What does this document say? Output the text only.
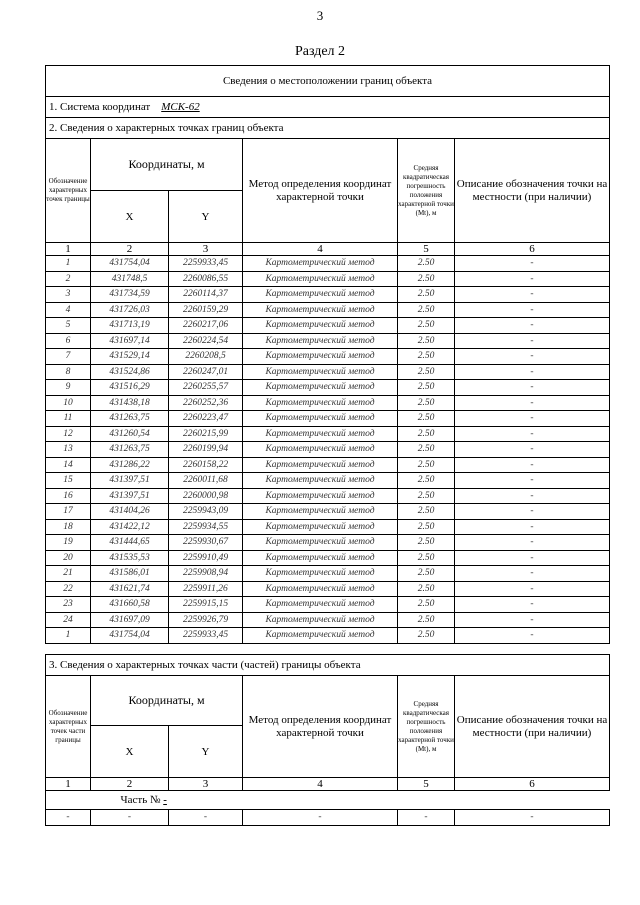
3
Раздел 2
Сведения о местоположении границ объекта					
1. Система координат МСК-62					
2. Сведения о характерных точках границ объекта					
Обозначение характерных точек границы	Координаты, м		Метод определения координат характерной точки	Средняя квадратическая погрешность положения характерной точки (Mt), м	Описание обозначения точки на местности (при наличии)
	X	Y			
1	2	3	4	5	6
1	431754,04	2259933,45	Картометрический метод	2.50	-
2	431748,5	2260086,55	Картометрический метод	2.50	-
3	431734,59	2260114,37	Картометрический метод	2.50	-
4	431726,03	2260159,29	Картометрический метод	2.50	-
5	431713,19	2260217,06	Картометрический метод	2.50	-
6	431697,14	2260224,54	Картометрический метод	2.50	-
7	431529,14	2260208,5	Картометрический метод	2.50	-
8	431524,86	2260247,01	Картометрический метод	2.50	-
9	431516,29	2260255,57	Картометрический метод	2.50	-
10	431438,18	2260252,36	Картометрический метод	2.50	-
11	431263,75	2260223,47	Картометрический метод	2.50	-
12	431260,54	2260215,99	Картометрический метод	2.50	-
13	431263,75	2260199,94	Картометрический метод	2.50	-
14	431286,22	2260158,22	Картометрический метод	2.50	-
15	431397,51	2260011,68	Картометрический метод	2.50	-
16	431397,51	2260000,98	Картометрический метод	2.50	-
17	431404,26	2259943,09	Картометрический метод	2.50	-
18	431422,12	2259934,55	Картометрический метод	2.50	-
19	431444,65	2259930,67	Картометрический метод	2.50	-
20	431535,53	2259910,49	Картометрический метод	2.50	-
21	431586,01	2259908,94	Картометрический метод	2.50	-
22	431621,74	2259911,26	Картометрический метод	2.50	-
23	431660,58	2259915,15	Картометрический метод	2.50	-
24	431697,09	2259926,79	Картометрический метод	2.50	-
1	431754,04	2259933,45	Картометрический метод	2.50	-
3. Сведения о характерных точках части (частей) границы объекта					
Обозначение характерных точек части границы	Координаты, м		Метод определения координат характерной точки	Средняя квадратическая погрешность положения характерной точки (Mt), м	Описание обозначения точки на местности (при наличии)
	X	Y			
1	2	3	4	5	6
	Часть № -				
-	-	-	-	-	-
